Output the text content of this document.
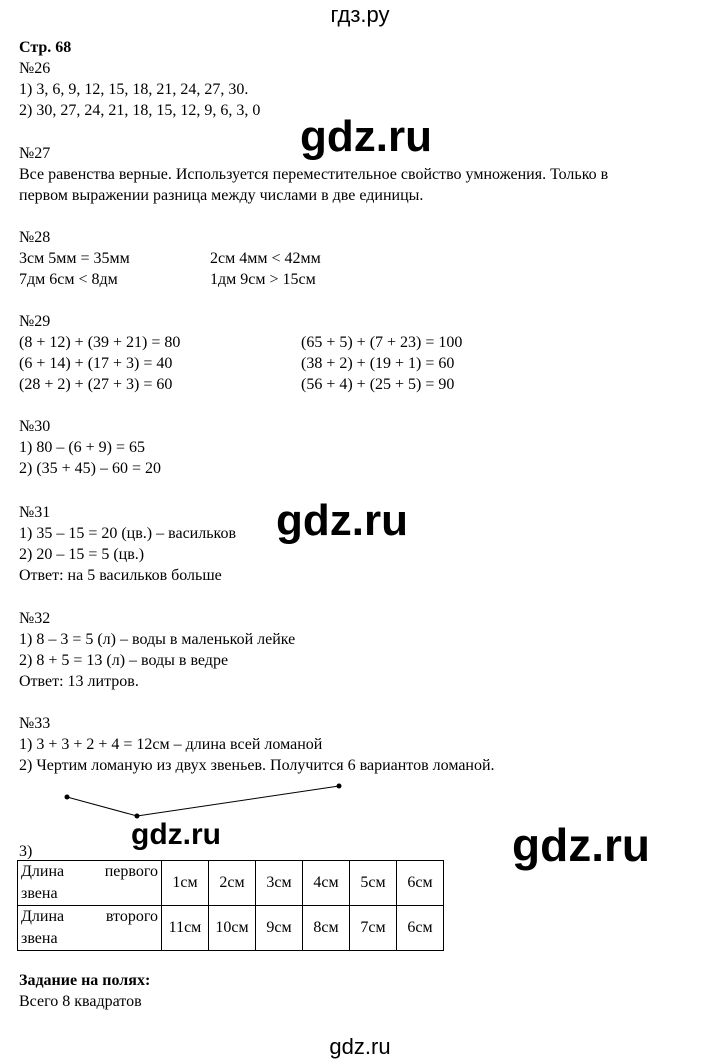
гдз.ру
Стр. 68
№26
1) 3, 6, 9, 12, 15, 18, 21, 24, 27, 30.
2) 30, 27, 24, 21, 18, 15, 12, 9, 6, 3, 0
gdz.ru
№27
Все равенства верные. Используется переместительное свойство умножения. Только в
первом выражении разница между числами в две единицы.
№28
3см 5мм = 35мм	2см 4мм < 42мм
7дм 6см < 8дм	1дм 9см > 15см
№29
(8 + 12) + (39 + 21) = 80	(65 + 5) + (7 + 23) = 100
(6 + 14) + (17 + 3) = 40	(38 + 2) + (19 + 1) = 60
(28 + 2) + (27 + 3) = 60	(56 + 4) + (25 + 5) = 90
№30
1) 80 – (6 + 9) = 65
2) (35 + 45) – 60 = 20
№31
1) 35 – 15 = 20 (цв.) – васильков
2) 20 – 15 = 5 (цв.)
Ответ: на 5 васильков больше
gdz.ru
№32
1) 8 – 3 = 5 (л) – воды в маленькой лейке
2) 8 + 5 = 13 (л) – воды в ведре
Ответ: 13 литров.
№33
1) 3 + 3 + 2 + 4 = 12см – длина всей ломаной
2) Чертим ломаную из двух звеньев. Получится 6 вариантов ломаной.
gdz.ru	gdz.ru
3)
Длина первого

звена	1см	2см	3см	4см	5см	6см
Длина второго

звена	11см	10см	9см	8см	7см	6см
Задание на полях:
Всего 8 квадратов
gdz.ru
